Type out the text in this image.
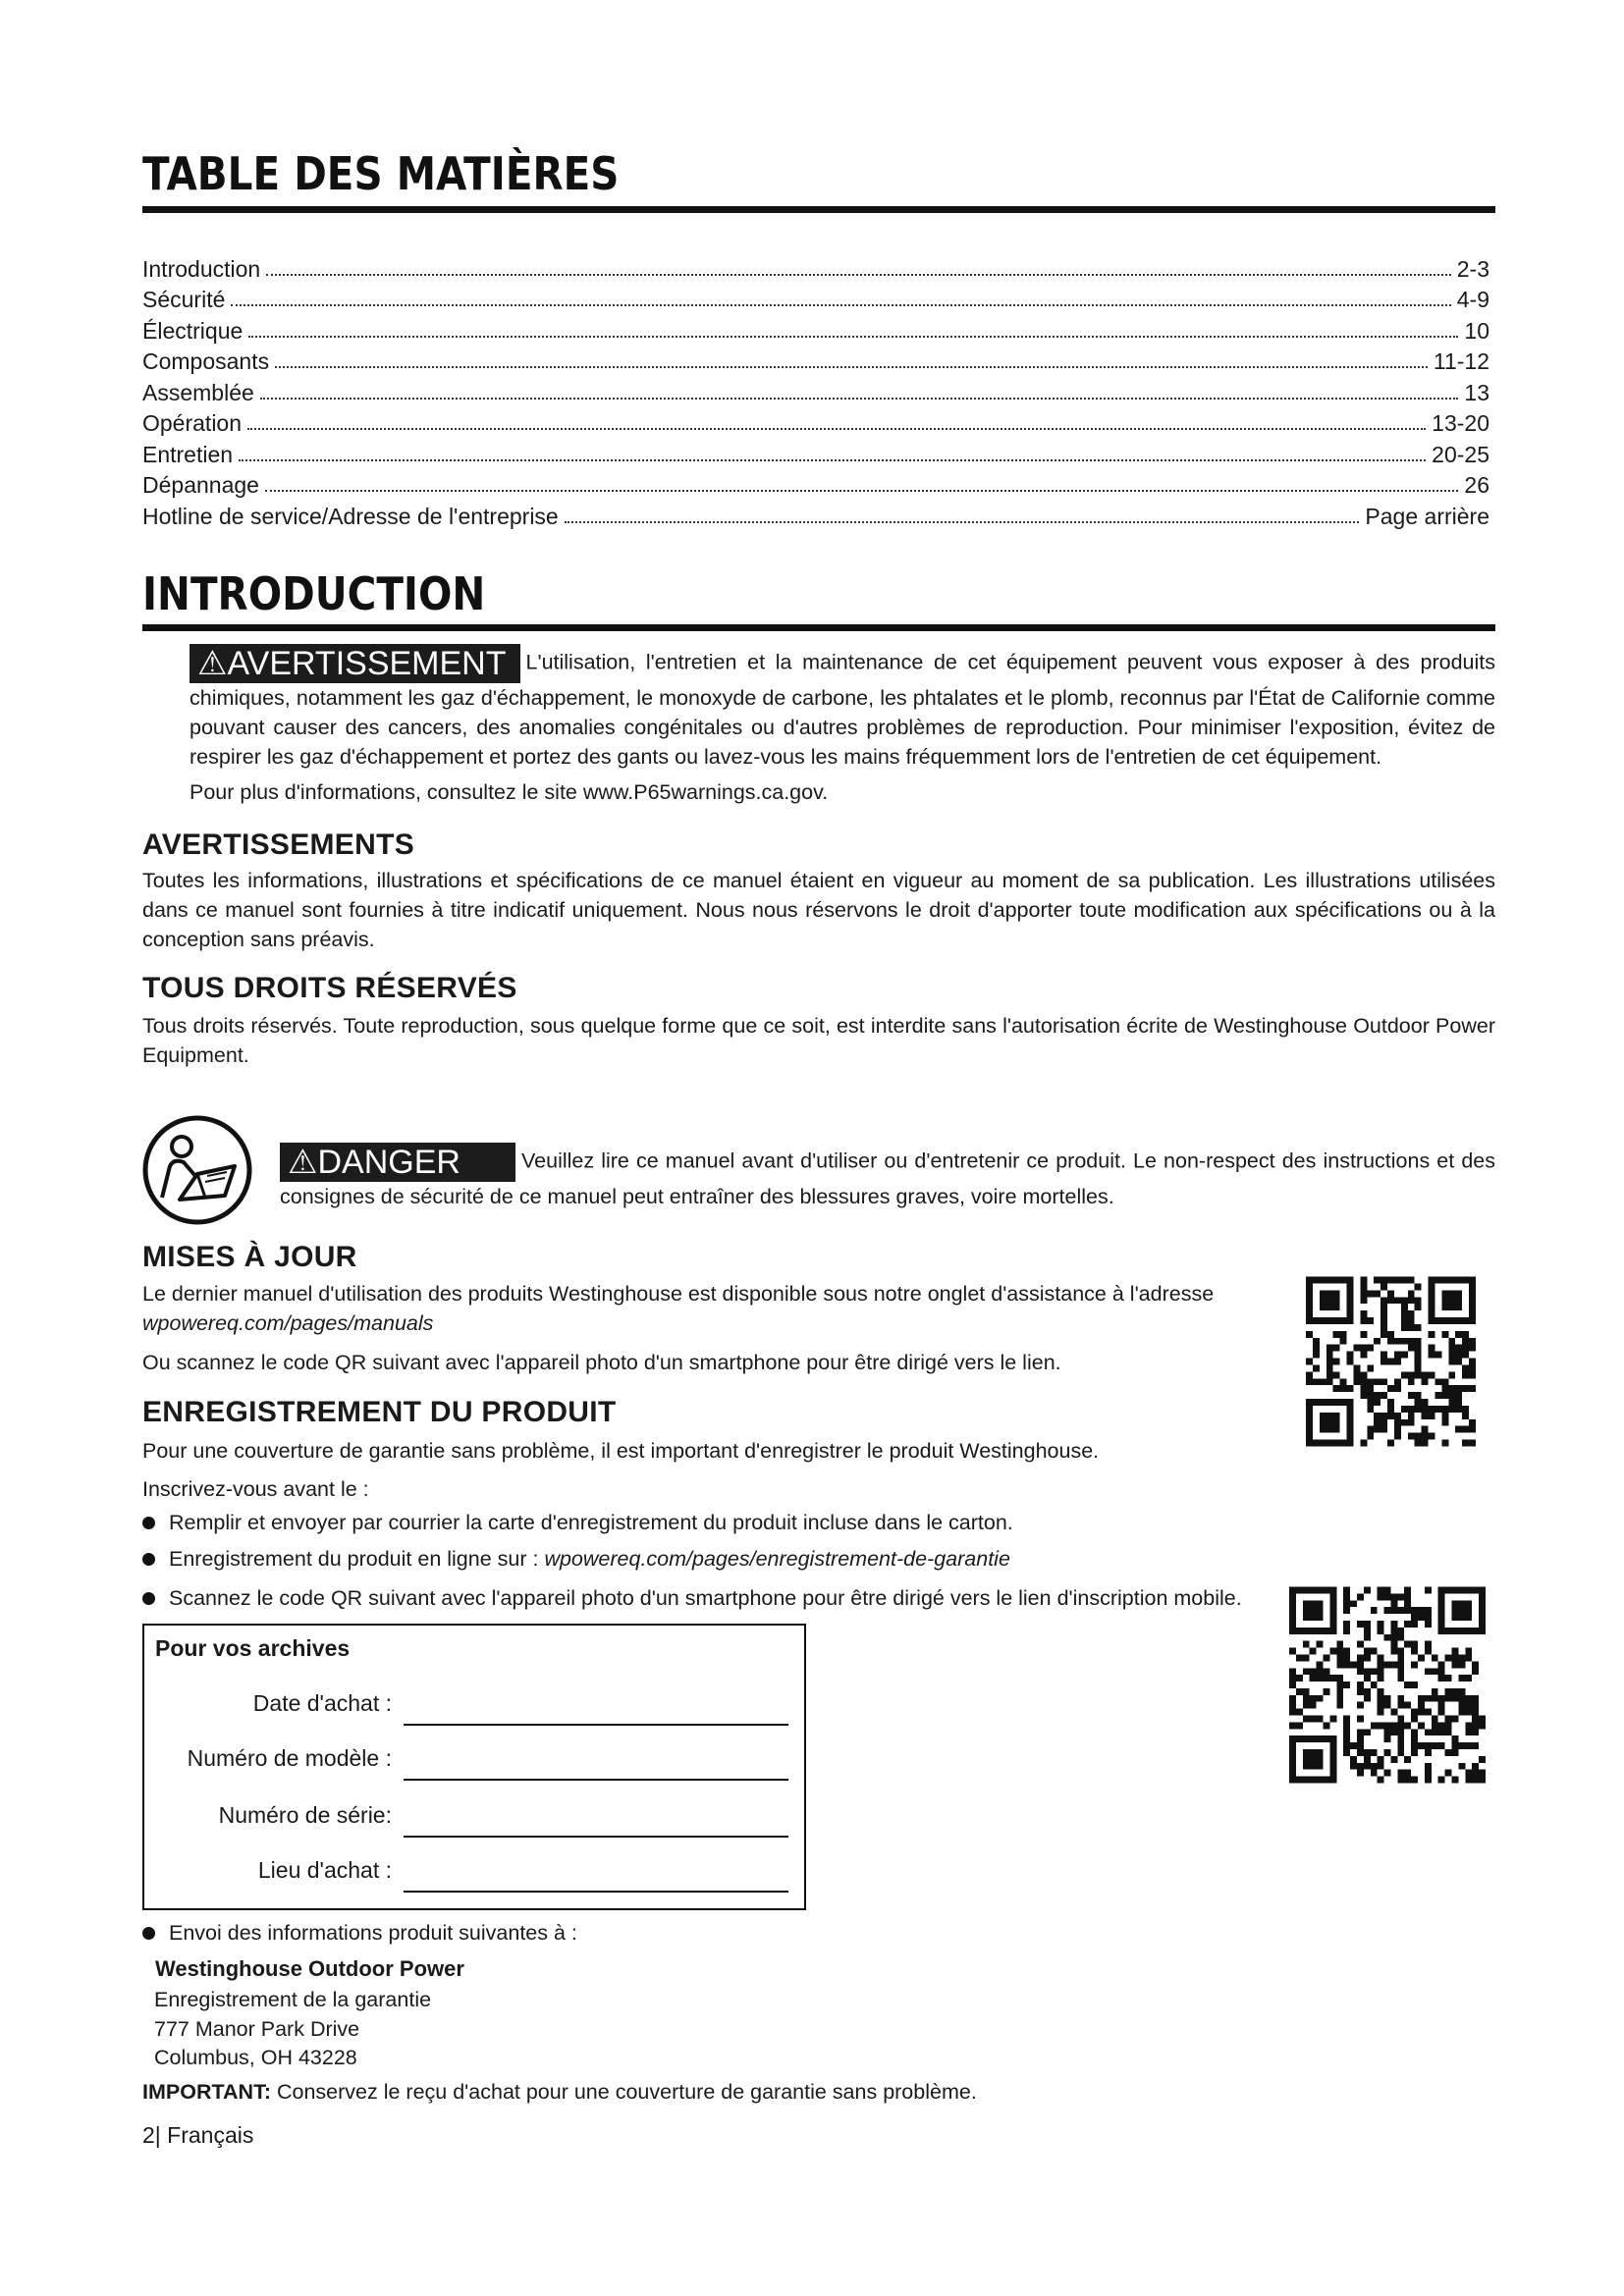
TABLE DES MATIÈRES
Introduction	2-3
Sécurité	4-9
Électrique	10
Composants	11-12
Assemblée	13
Opération	13-20
Entretien	20-25
Dépannage	26
Hotline de service/Adresse de l'entreprise	Page arrière
INTRODUCTION
⚠AVERTISSEMENT L'utilisation, l'entretien et la maintenance de cet équipement peuvent vous exposer à des produits chimiques, notamment les gaz d'échappement, le monoxyde de carbone, les phtalates et le plomb, reconnus par l'État de Californie comme pouvant causer des cancers, des anomalies congénitales ou d'autres problèmes de reproduction. Pour minimiser l'exposition, évitez de respirer les gaz d'échappement et portez des gants ou lavez-vous les mains fréquemment lors de l'entretien de cet équipement.
Pour plus d'informations, consultez le site www.P65warnings.ca.gov.
AVERTISSEMENTS
Toutes les informations, illustrations et spécifications de ce manuel étaient en vigueur au moment de sa publication. Les illustrations utilisées dans ce manuel sont fournies à titre indicatif uniquement. Nous nous réservons le droit d'apporter toute modification aux spécifications ou à la conception sans préavis.
TOUS DROITS RÉSERVÉS
Tous droits réservés. Toute reproduction, sous quelque forme que ce soit, est interdite sans l'autorisation écrite de Westinghouse Outdoor Power Equipment.
⚠DANGER	Veuillez lire ce manuel avant d'utiliser ou d'entretenir ce produit. Le non-respect des instructions et des consignes de sécurité de ce manuel peut entraîner des blessures graves, voire mortelles.
MISES À JOUR
Le dernier manuel d'utilisation des produits Westinghouse est disponible sous notre onglet d'assistance à l'adresse wpowereq.com/pages/manuals
Ou scannez le code QR suivant avec l'appareil photo d'un smartphone pour être dirigé vers le lien.
ENREGISTREMENT DU PRODUIT
Pour une couverture de garantie sans problème, il est important d'enregistrer le produit Westinghouse.
Inscrivez-vous avant le :
Remplir et envoyer par courrier la carte d'enregistrement du produit incluse dans le carton.
Enregistrement du produit en ligne sur :
wpowereq.com/pages/enregistrement-de-garantie
Scannez le code QR suivant avec l'appareil photo d'un smartphone pour être dirigé vers le lien d'inscription mobile.
Pour vos archives
Date d'achat :
Numéro de modèle :
Numéro de série:
Lieu d'achat :
Envoi des informations produit suivantes à :
Westinghouse Outdoor Power
Enregistrement de la garantie
777 Manor Park Drive
Columbus, OH 43228
IMPORTANT: Conservez le reçu d'achat pour une couverture de garantie sans problème.
2| Français
